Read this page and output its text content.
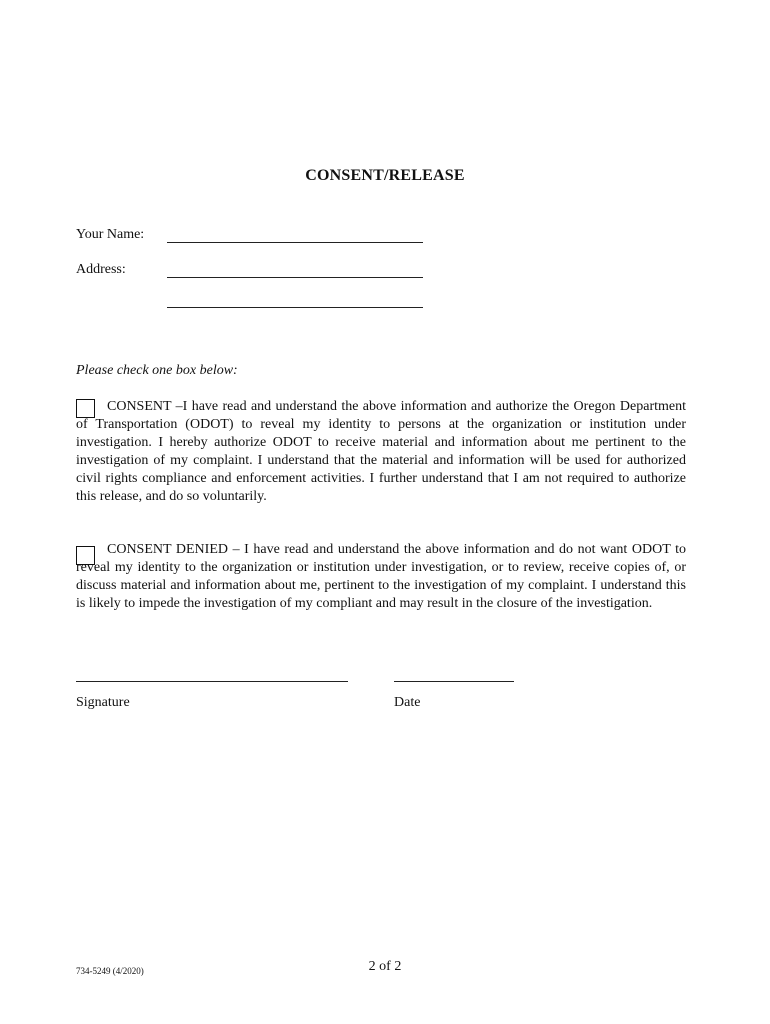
CONSENT/RELEASE
Your Name:
Address:
Please check one box below:
CONSENT –I have read and understand the above information and authorize the Oregon Department of Transportation (ODOT) to reveal my identity to persons at the organization or institution under investigation. I hereby authorize ODOT to receive material and information about me pertinent to the investigation of my complaint. I understand that the material and information will be used for authorized civil rights compliance and enforcement activities. I further understand that I am not required to authorize this release, and do so voluntarily.
CONSENT DENIED – I have read and understand the above information and do not want ODOT to reveal my identity to the organization or institution under investigation, or to review, receive copies of, or discuss material and information about me, pertinent to the investigation of my complaint. I understand this is likely to impede the investigation of my compliant and may result in the closure of the investigation.
Signature	Date
734-5249 (4/2020)	2 of 2
